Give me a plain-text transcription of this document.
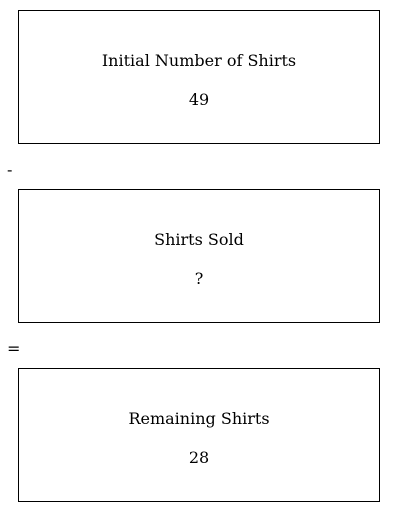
Initial Number of Shirts
49
-
Shirts Sold
?
=
Remaining Shirts
28
